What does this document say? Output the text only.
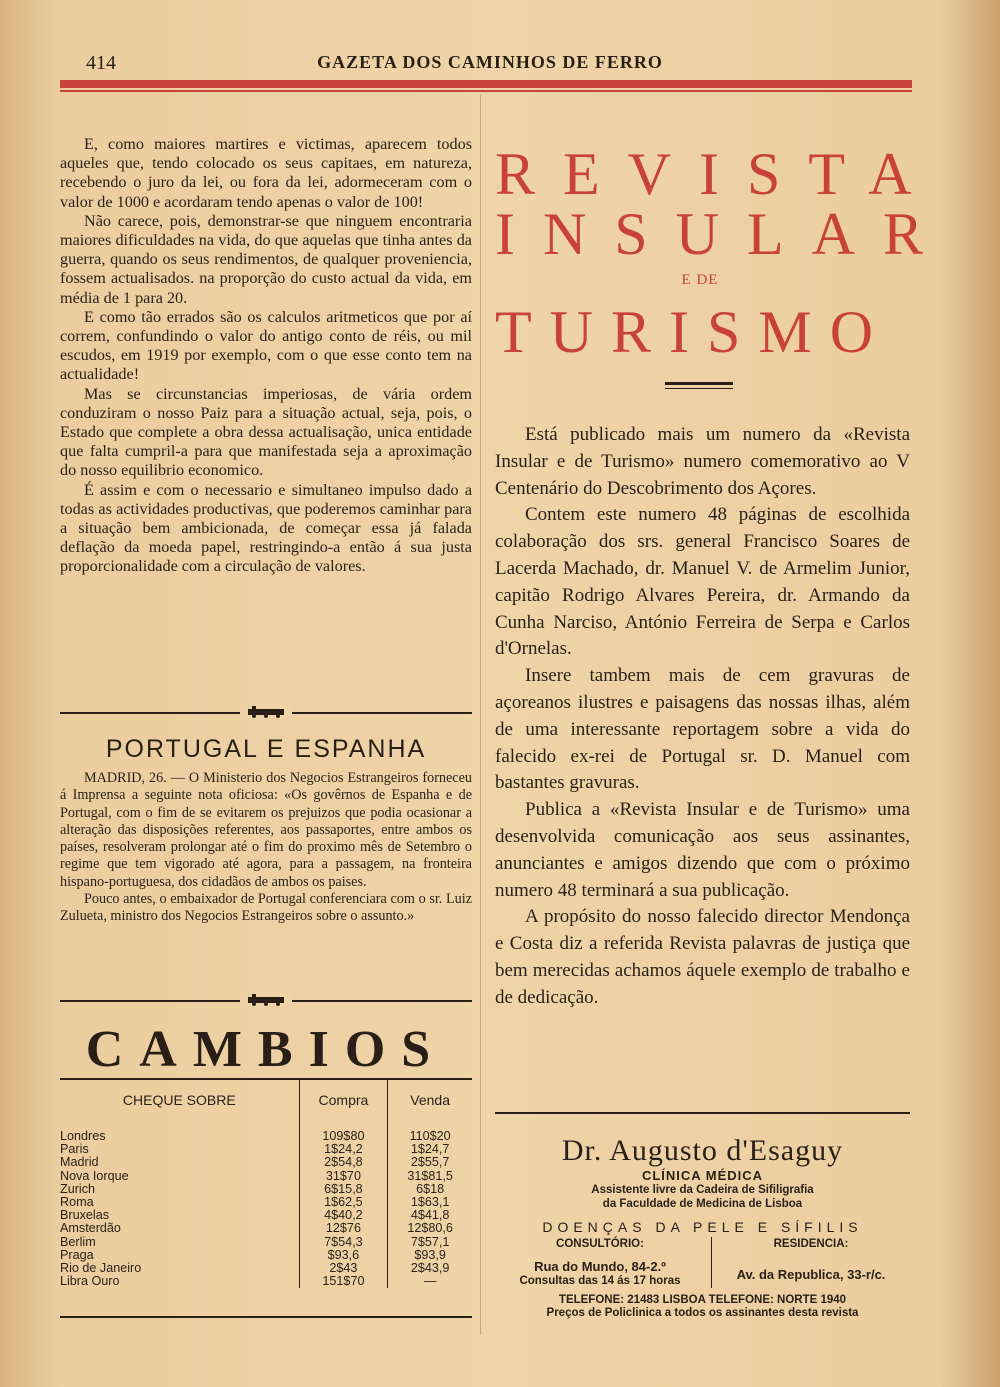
414	GAZETA DOS CAMINHOS DE FERRO

E, como maiores martires e victimas, aparecem todos aqueles que, tendo colocado os seus capitaes, em natureza, recebendo o juro da lei, ou fora da lei, adormeceram com o valor de 1000 e acordaram tendo apenas o valor de 100!

Não carece, pois, demonstrar-se que ninguem encontraria maiores dificuldades na vida, do que aquelas que tinha antes da guerra, quando os seus rendimentos, de qualquer proveniencia, fossem actualisados. na proporção do custo actual da vida, em média de 1 para 20.

E como tão errados são os calculos aritmeticos que por aí correm, confundindo o valor do antigo conto de réis, ou mil escudos, em 1919 por exemplo, com o que esse conto tem na actualidade!

Mas se circunstancias imperiosas, de vária ordem conduziram o nosso Paiz para a situação actual, seja, pois, o Estado que complete a obra dessa actualisação, unica entidade que falta cumpril-a para que manifestada seja a aproximação do nosso equilibrio economico.

É assim e com o necessario e simultaneo impulso dado a todas as actividades productivas, que poderemos caminhar para a situação bem ambicionada, de começar essa já falada deflação da moeda papel, restringindo-a então á sua justa proporcionalidade com a circulação de valores.

PORTUGAL E ESPANHA

MADRID, 26. — O Ministerio dos Negocios Estrangeiros forneceu á Imprensa a seguinte nota oficiosa: «Os govêrnos de Espanha e de Portugal, com o fim de se evitarem os prejuizos que podia ocasionar a alteração das disposições referentes, aos passaportes, entre ambos os países, resolveram prolongar até o fim do proximo mês de Setembro o regime que tem vigorado até agora, para a passagem, na fronteira hispano-portuguesa, dos cidadãos de ambos os paises.

Pouco antes, o embaixador de Portugal conferenciara com o sr. Luiz Zulueta, ministro dos Negocios Estrangeiros sobre o assunto.»

CAMBIOS
CHEQUE SOBRE	Compra	Venda
Londres	109$80	110$20
Paris	1$24,2	1$24,7
Madrid	2$54,8	2$55,7
Nova Iorque	31$70	31$81,5
Zurich	6$15,8	6$18
Roma	1$62,5	1$63,1
Bruxelas	4$40,2	4$41,8
Amsterdão	12$76	12$80,6
Berlim	7$54,3	7$57,1
Praga	$93,6	$93,9
Rio de Janeiro	2$43	2$43,9
Libra Ouro	151$70	—
REVISTA
INSULAR
E DE
TURISMO

Está publicado mais um numero da «Revista Insular e de Turismo» numero comemorativo ao V Centenário do Descobrimento dos Açores.

Contem este numero 48 páginas de escolhida colaboração dos srs. general Francisco Soares de Lacerda Machado, dr. Manuel V. de Armelim Junior, capitão Rodrigo Alvares Pereira, dr. Armando da Cunha Narciso, António Ferreira de Serpa e Carlos d'Ornelas.

Insere tambem mais de cem gravuras de açoreanos ilustres e paisagens das nossas ilhas, além de uma interessante reportagem sobre a vida do falecido ex-rei de Portugal sr. D. Manuel com bastantes gravuras.

Publica a «Revista Insular e de Turismo» uma desenvolvida comunicação aos seus assinantes, anunciantes e amigos dizendo que com o próximo numero 48 terminará a sua publicação.

A propósito do nosso falecido director Mendonça e Costa diz a referida Revista palavras de justiça que bem merecidas achamos áquele exemplo de trabalho e de dedicação.

Dr. Augusto d'Esaguy
CLÍNICA MÉDICA
Assistente livre da Cadeira de Sifiligrafia
da Faculdade de Medicina de Lisboa
DOENÇAS DA PELE E SÍFILIS
CONSULTÓRIO:
Rua do Mundo, 84-2.º
Consultas das 14 ás 17 horas
RESIDENCIA:
Av. da Republica, 33-r/c.
TELEFONE: 21483 LISBOA TELEFONE: NORTE 1940
Preços de Policlinica a todos os assinantes desta revista
